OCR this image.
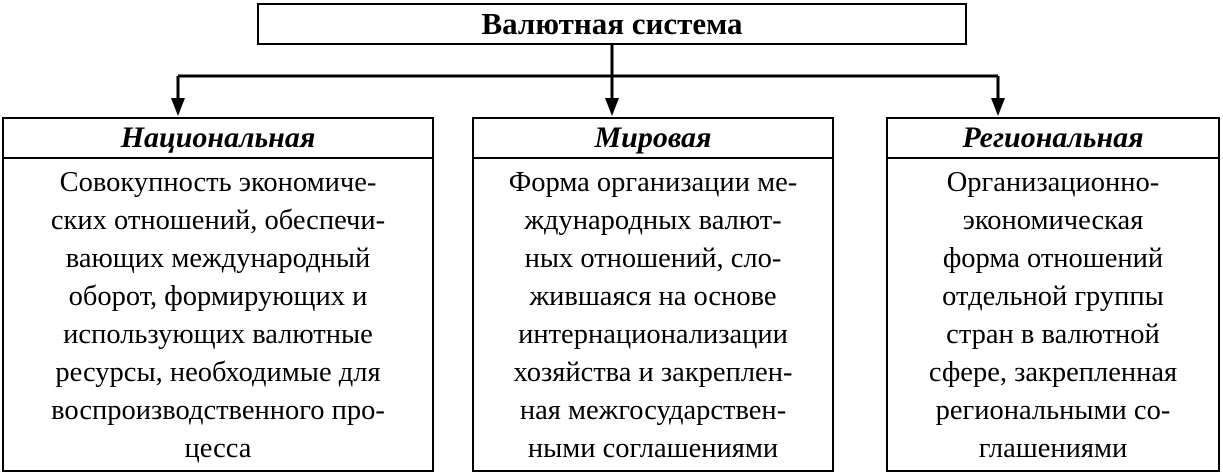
Валютная система
Национальная
Совокупность экономиче-
ских отношений, обеспечи-
вающих международный
оборот, формирующих и
использующих валютные
ресурсы, необходимые для
воспроизводственного про-
цесса
Мировая
Форма организации ме-
ждународных валют-
ных отношений, сло-
жившаяся на основе
интернационализации
хозяйства и закреплен-
ная межгосударствен-
ными соглашениями
Региональная
Организационно-
экономическая
форма отношений
отдельной группы
стран в валютной
сфере, закрепленная
региональными со-
глашениями
